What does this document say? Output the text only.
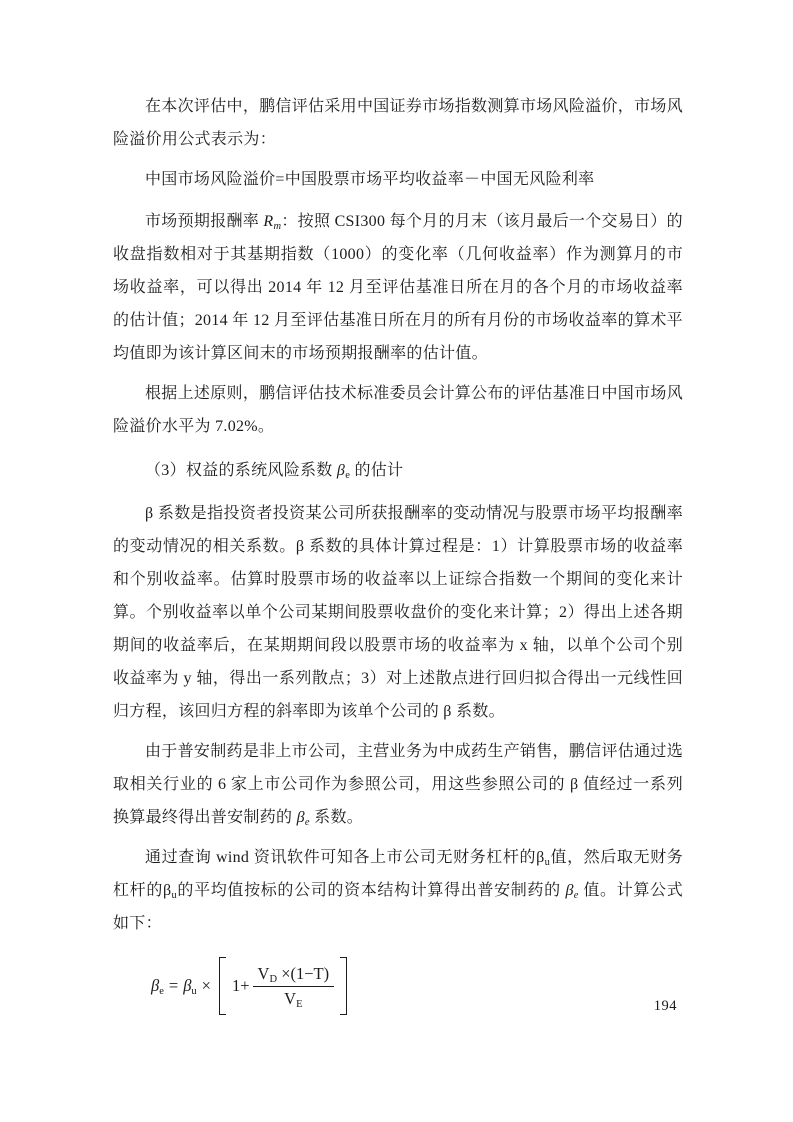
在本次评估中，鹏信评估采用中国证券市场指数测算市场风险溢价，市场风险溢价用公式表示为：

中国市场风险溢价=中国股票市场平均收益率－中国无风险利率

市场预期报酬率 $R_m$：按照 CSI300 每个月的月末（该月最后一个交易日）的收盘指数相对于其基期指数（1000）的变化率（几何收益率）作为测算月的市场收益率，可以得出 2014 年 12 月至评估基准日所在月的各个月的市场收益率的估计值；2014 年 12 月至评估基准日所在月的所有月份的市场收益率的算术平均值即为该计算区间末的市场预期报酬率的估计值。

根据上述原则，鹏信评估技术标准委员会计算公布的评估基准日中国市场风险溢价水平为 7.02%。

（3）权益的系统风险系数 $\beta_e$ 的估计

β 系数是指投资者投资某公司所获报酬率的变动情况与股票市场平均报酬率的变动情况的相关系数。β 系数的具体计算过程是：1）计算股票市场的收益率和个别收益率。估算时股票市场的收益率以上证综合指数一个期间的变化来计算。个别收益率以单个公司某期间股票收盘价的变化来计算；2）得出上述各期期间的收益率后，在某期期间段以股票市场的收益率为 x 轴，以单个公司个别收益率为 y 轴，得出一系列散点；3）对上述散点进行回归拟合得出一元线性回归方程，该回归方程的斜率即为该单个公司的 β 系数。

由于普安制药是非上市公司，主营业务为中成药生产销售，鹏信评估通过选取相关行业的 6 家上市公司作为参照公司，用这些参照公司的 β 值经过一系列换算最终得出普安制药的 $\beta_e$ 系数。

通过查询 wind 资讯软件可知各上市公司无财务杠杆的$\beta_u$值，然后取无财务杠杆的$\beta_u$的平均值按标的公司的资本结构计算得出普安制药的 $\beta_e$ 值。计算公式如下：

$\beta_e = \beta_u$ ×	$1+ \frac{V_D \times(1-T)}{V_E}$	194
